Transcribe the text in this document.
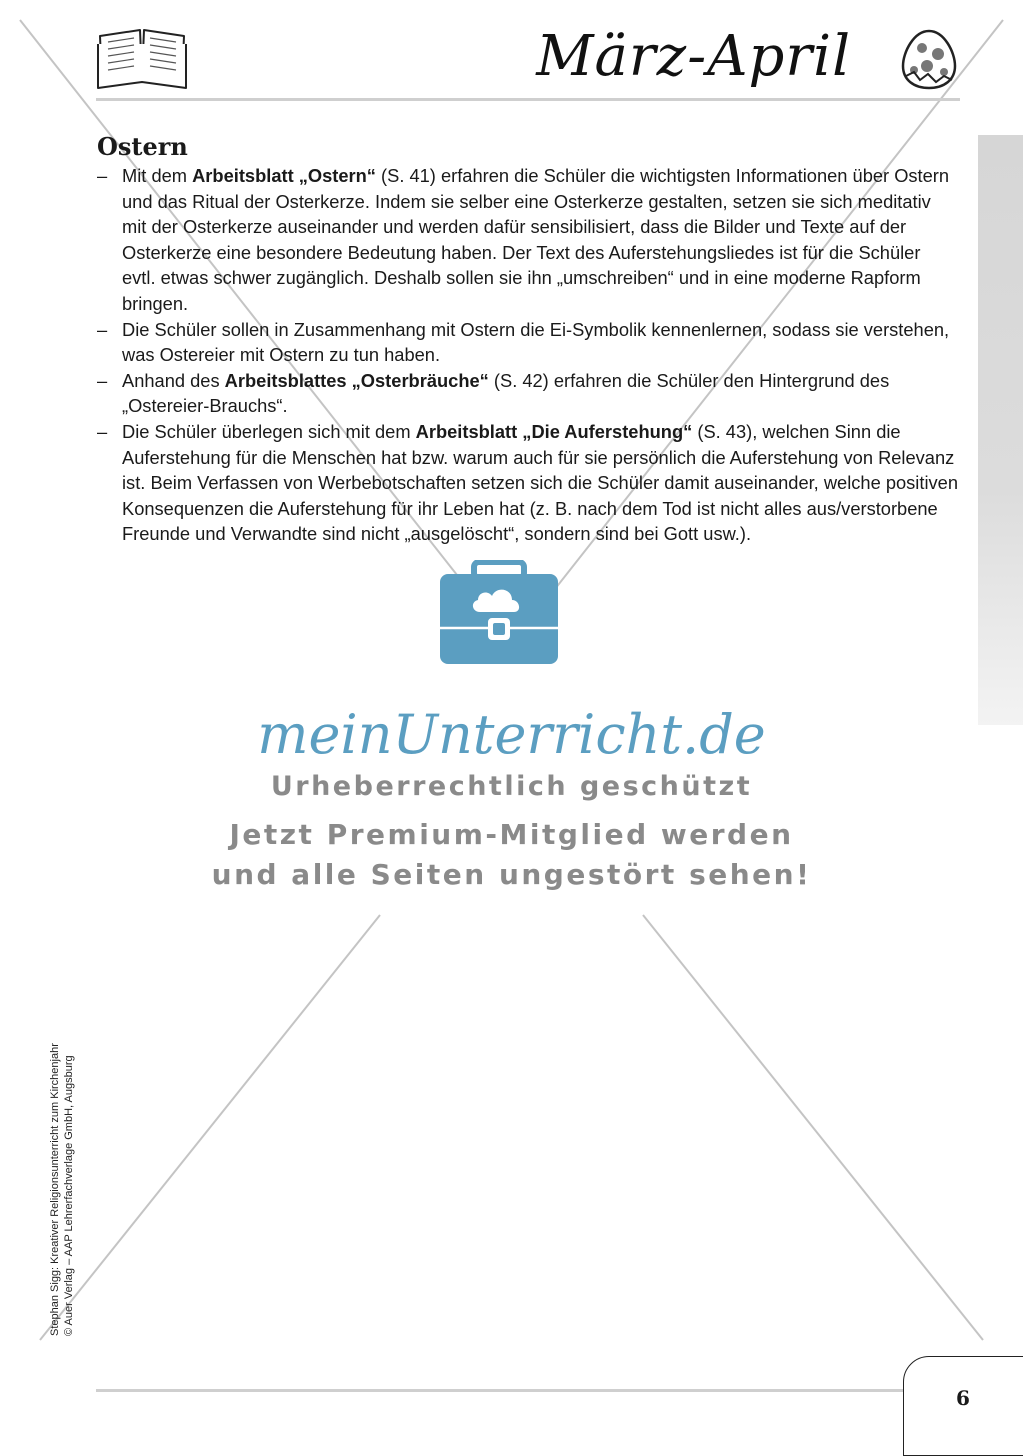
März-April
Ostern
– Mit dem Arbeitsblatt „Ostern“ (S. 41) erfahren die Schüler die wichtigsten Informationen über Ostern und das Ritual der Osterkerze. Indem sie selber eine Osterkerze gestalten, setzen sie sich meditativ mit der Osterkerze auseinander und werden dafür sensibilisiert, dass die Bilder und Texte auf der Osterkerze eine besondere Bedeutung haben. Der Text des Auferstehungsliedes ist für die Schüler evtl. etwas schwer zugänglich. Deshalb sollen sie ihn „umschreiben“ und in eine moderne Rapform bringen.
– Die Schüler sollen in Zusammenhang mit Ostern die Ei-Symbolik kennenlernen, sodass sie verstehen, was Ostereier mit Ostern zu tun haben.
– Anhand des Arbeitsblattes „Osterbräuche“ (S. 42) erfahren die Schüler den Hintergrund des „Ostereier-Brauchs“.
– Die Schüler überlegen sich mit dem Arbeitsblatt „Die Auferstehung“ (S. 43), welchen Sinn die Auferstehung für die Menschen hat bzw. warum auch für sie persönlich die Auferstehung von Relevanz ist. Beim Verfassen von Werbebotschaften setzen sich die Schüler damit auseinander, welche positiven Konsequenzen die Auferstehung für ihr Leben hat (z. B. nach dem Tod ist nicht alles aus/verstorbene Freunde und Verwandte sind nicht „ausgelöscht“, sondern sind bei Gott usw.).
meinUnterricht.de
Urheberrechtlich geschützt
Jetzt Premium-Mitglied werden
und alle Seiten ungestört sehen!
Stephan Sigg: Kreativer Religionsunterricht zum Kirchenjahr © Auer Verlag – AAP Lehrerfachverlage GmbH, Augsburg
6
